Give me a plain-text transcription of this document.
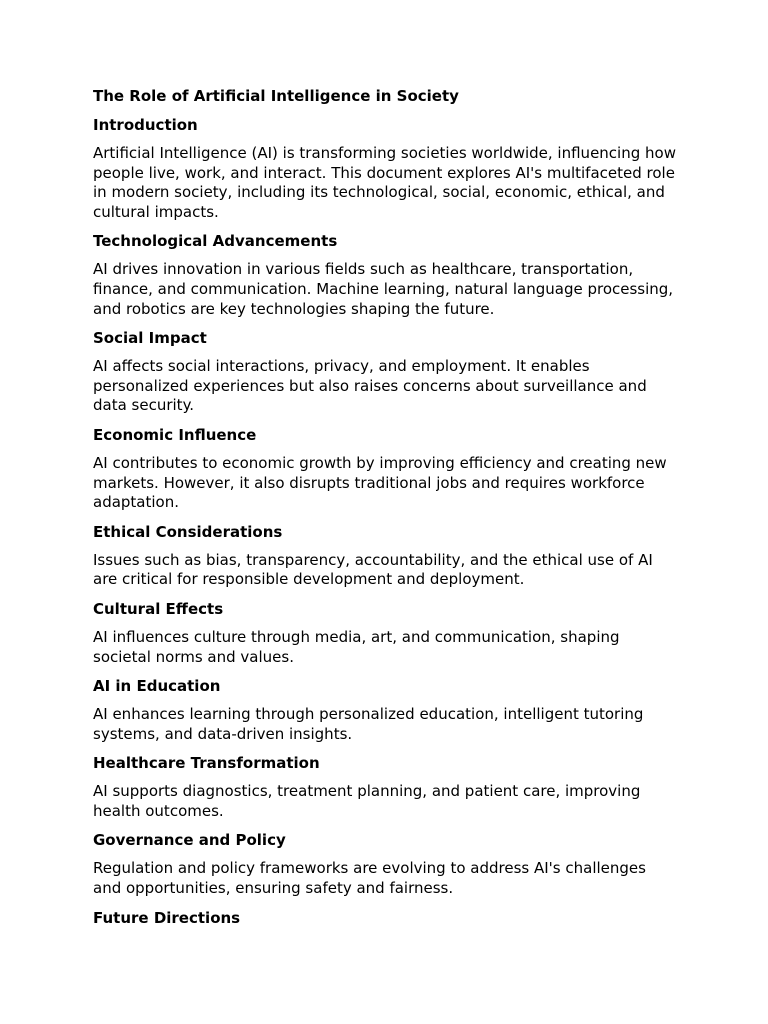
The Role of Artificial Intelligence in Society
Introduction
Artificial Intelligence (AI) is transforming societies worldwide, influencing how people live, work, and interact. This document explores AI's multifaceted role in modern society, including its technological, social, economic, ethical, and cultural impacts.
Technological Advancements
AI drives innovation in various fields such as healthcare, transportation, finance, and communication. Machine learning, natural language processing, and robotics are key technologies shaping the future.
Social Impact
AI affects social interactions, privacy, and employment. It enables personalized experiences but also raises concerns about surveillance and data security.
Economic Influence
AI contributes to economic growth by improving efficiency and creating new markets. However, it also disrupts traditional jobs and requires workforce adaptation.
Ethical Considerations
Issues such as bias, transparency, accountability, and the ethical use of AI are critical for responsible development and deployment.
Cultural Effects
AI influences culture through media, art, and communication, shaping societal norms and values.
AI in Education
AI enhances learning through personalized education, intelligent tutoring systems, and data-driven insights.
Healthcare Transformation
AI supports diagnostics, treatment planning, and patient care, improving health outcomes.
Governance and Policy
Regulation and policy frameworks are evolving to address AI's challenges and opportunities, ensuring safety and fairness.
Future Directions
